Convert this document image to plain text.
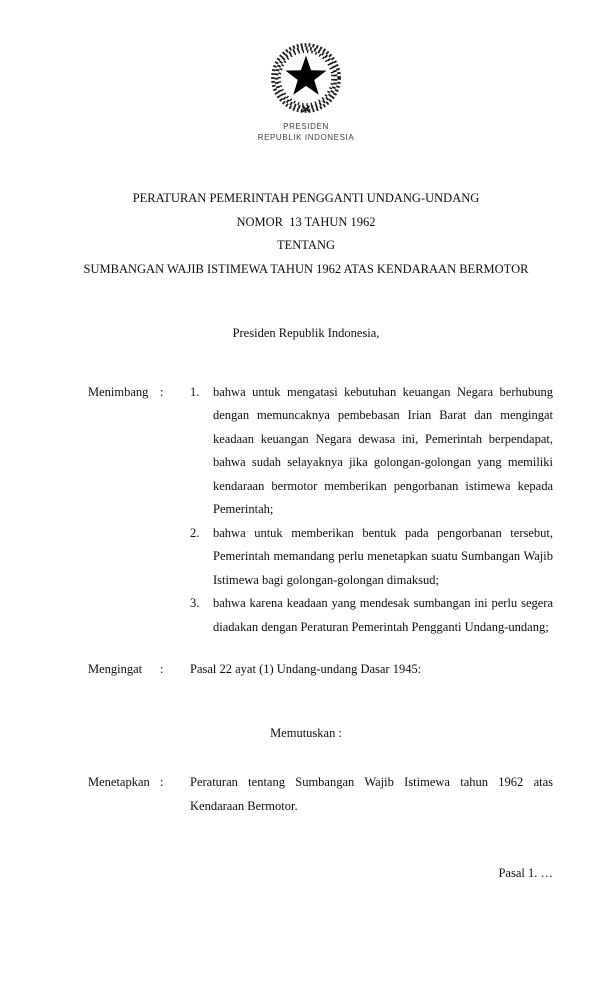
PRESIDEN
REPUBLIK INDONESIA
PERATURAN PEMERINTAH PENGGANTI UNDANG-UNDANG
NOMOR  13 TAHUN 1962
TENTANG
SUMBANGAN WAJIB ISTIMEWA TAHUN 1962 ATAS KENDARAAN BERMOTOR
Presiden Republik Indonesia,
Menimbang :	1.	bahwa untuk mengatasi kebutuhan keuangan Negara berhubung dengan memuncaknya pembebasan Irian Barat dan mengingat keadaan keuangan Negara dewasa ini, Pemerintah berpendapat, bahwa sudah selayaknya jika golongan-golongan yang memiliki kendaraan bermotor memberikan pengorbanan istimewa kepada Pemerintah;
2.	bahwa untuk memberikan bentuk pada pengorbanan tersebut, Pemerintah memandang perlu menetapkan suatu Sumbangan Wajib Istimewa bagi golongan-golongan dimaksud;
3.	bahwa karena keadaan yang mendesak sumbangan ini perlu segera diadakan dengan Peraturan Pemerintah Pengganti Undang-undang;
Mengingat	:	Pasal 22 ayat (1) Undang-undang Dasar 1945:
Memutuskan :
Menetapkan :	Peraturan tentang Sumbangan Wajib Istimewa tahun 1962 atas Kendaraan Bermotor.
Pasal 1. …
